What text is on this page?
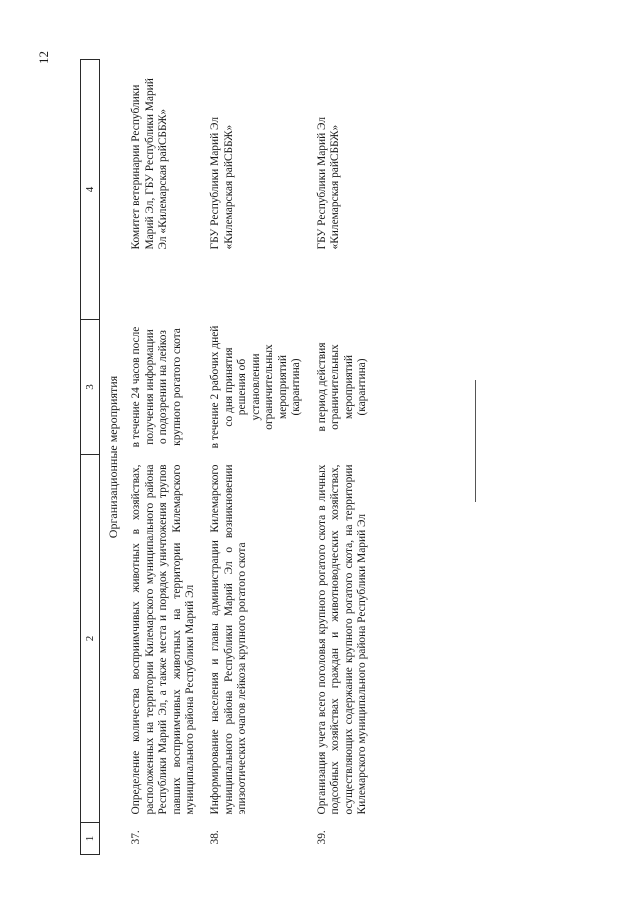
12
1	2	3	4
Организационные мероприятия			
37.	Определение количества восприимчивых животных в хозяйствах, расположенных на территории Килемарского муниципального района Республики Марий Эл, а также места и порядок уничтожения трупов павших восприимчивых животных на территории Килемарского муниципального района Республики Марий Эл	в течение 24 часов после получения информации о подозрении на лейкоз крупного рогатого скота	Комитет ветеринарии Республики Марий Эл, ГБУ Республики Марий Эл «Килемарская райСББЖ»
38.	Информирование населения и главы администрации Килемарского муниципального района Республики Марий Эл о возникновении эпизоотических очагов лейкоза крупного рогатого скота	в течение 2 рабочих дней со дня принятия решения об установлении ограничительных мероприятий (карантина)	ГБУ Республики Марий Эл «Килемарская райСББЖ»
39.	Организация учета всего поголовья крупного рогатого скота в личных подсобных хозяйствах граждан и животноводческих хозяйствах, осуществляющих содержание крупного рогатого скота, на территории Килемарского муниципального района Республики Марий Эл	в период действия ограничительных мероприятий (карантина)	ГБУ Республики Марий Эл «Килемарская райСББЖ»
